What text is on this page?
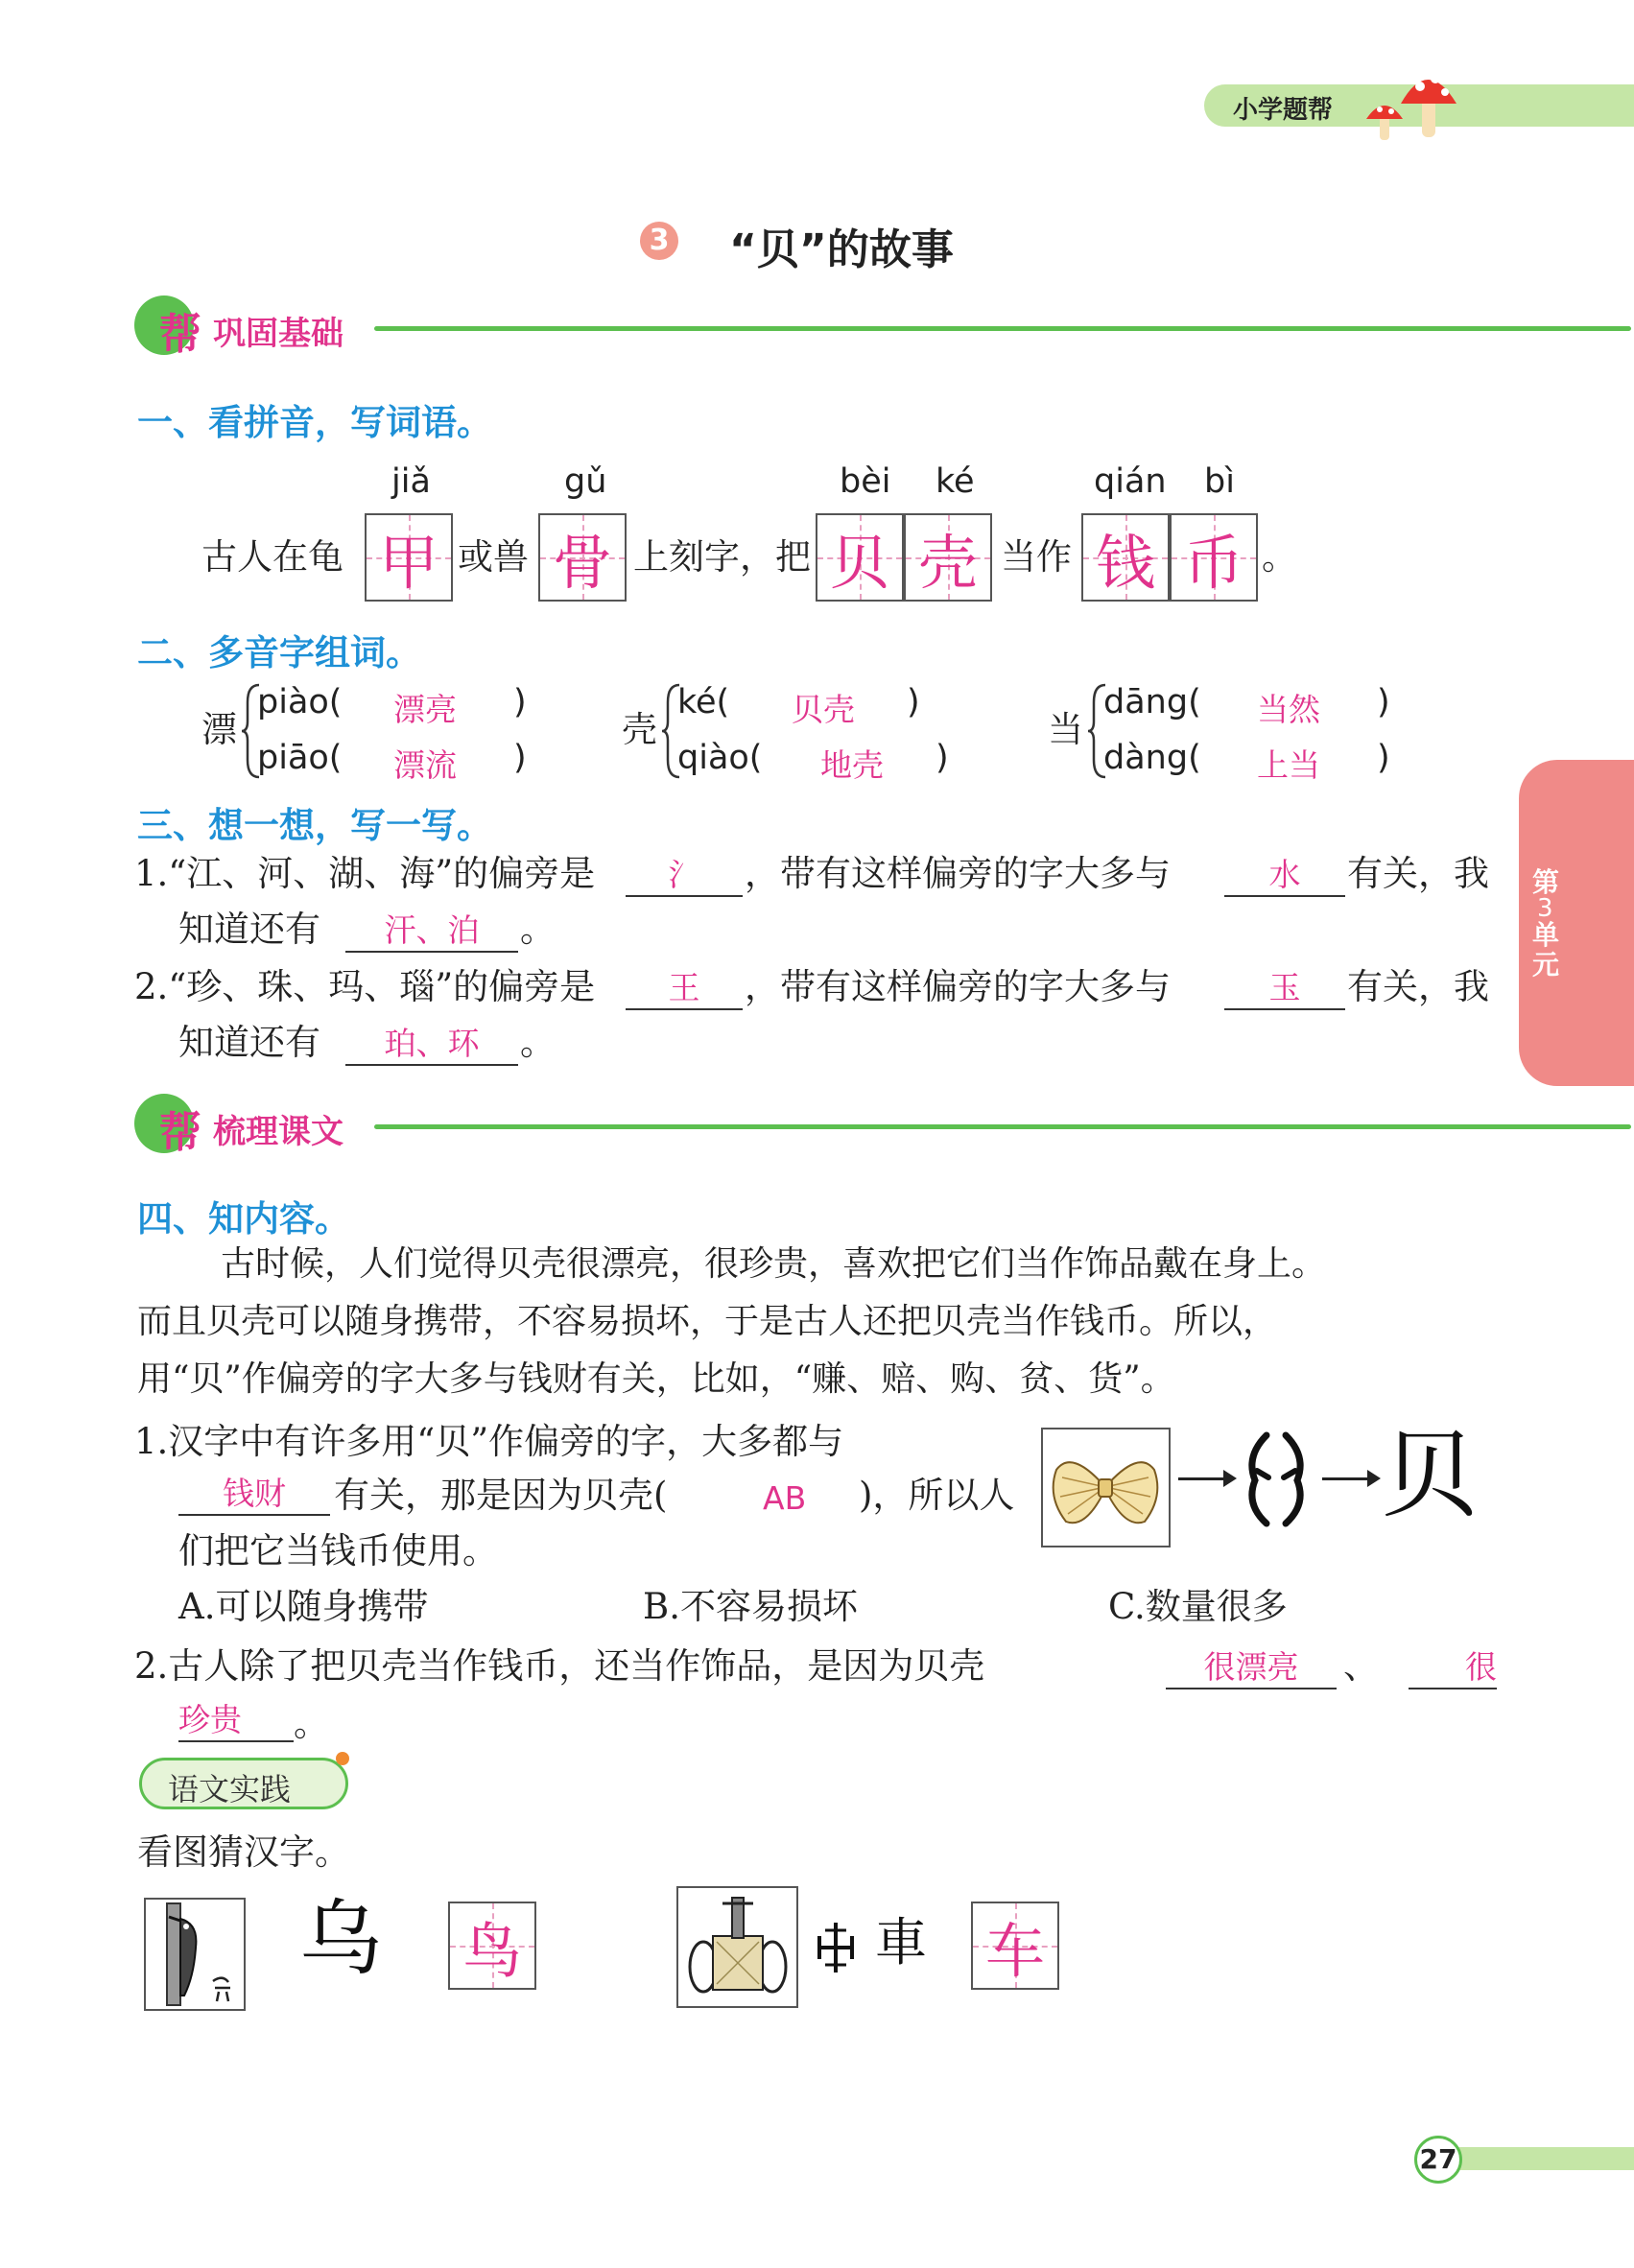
小学题帮
3 “贝”的故事
第
3
单元
帮 巩固基础
一、看拼音，写词语。
jiǎ	gǔ	bèi ké	qián bì
古人在龟 甲 或兽 骨 上刻字，把 贝 壳 当作 钱 币 。
二、多音字组词。
漂
piào( 漂亮 )
piāo( 漂流 )
壳
ké( 贝壳 )
qiào( 地壳 )
当
dāng( 当然 )
dàng( 上当 )
三、想一想，写一写。
1.“江、河、湖、海”的偏旁是	氵	，带有这样偏旁的字大多与	水	有关，我
知道还有	汗、泊	。
2.“珍、珠、玛、瑙”的偏旁是	王	，带有这样偏旁的字大多与	玉	有关，我
知道还有	珀、环	。
帮 梳理课文
四、知内容。
古时候，人们觉得贝壳很漂亮，很珍贵，喜欢把它们当作饰品戴在身上。
而且贝壳可以随身携带，不容易损坏，于是古人还把贝壳当作钱币。所以，
用“贝”作偏旁的字大多与钱财有关，比如，“赚、赔、购、贫、货”。
1.汉字中有许多用“贝”作偏旁的字，大多都与
钱财	有关，那是因为贝壳(	AB )，所以人
们把它当钱币使用。
贝
A.可以随身携带	B.不容易损坏	C.数量很多
2.古人除了把贝壳当作钱币，还当作饰品，是因为贝壳	很漂亮	、	很
珍贵	。
语文实践
看图猜汉字。
乌 鸟	車 车
27
